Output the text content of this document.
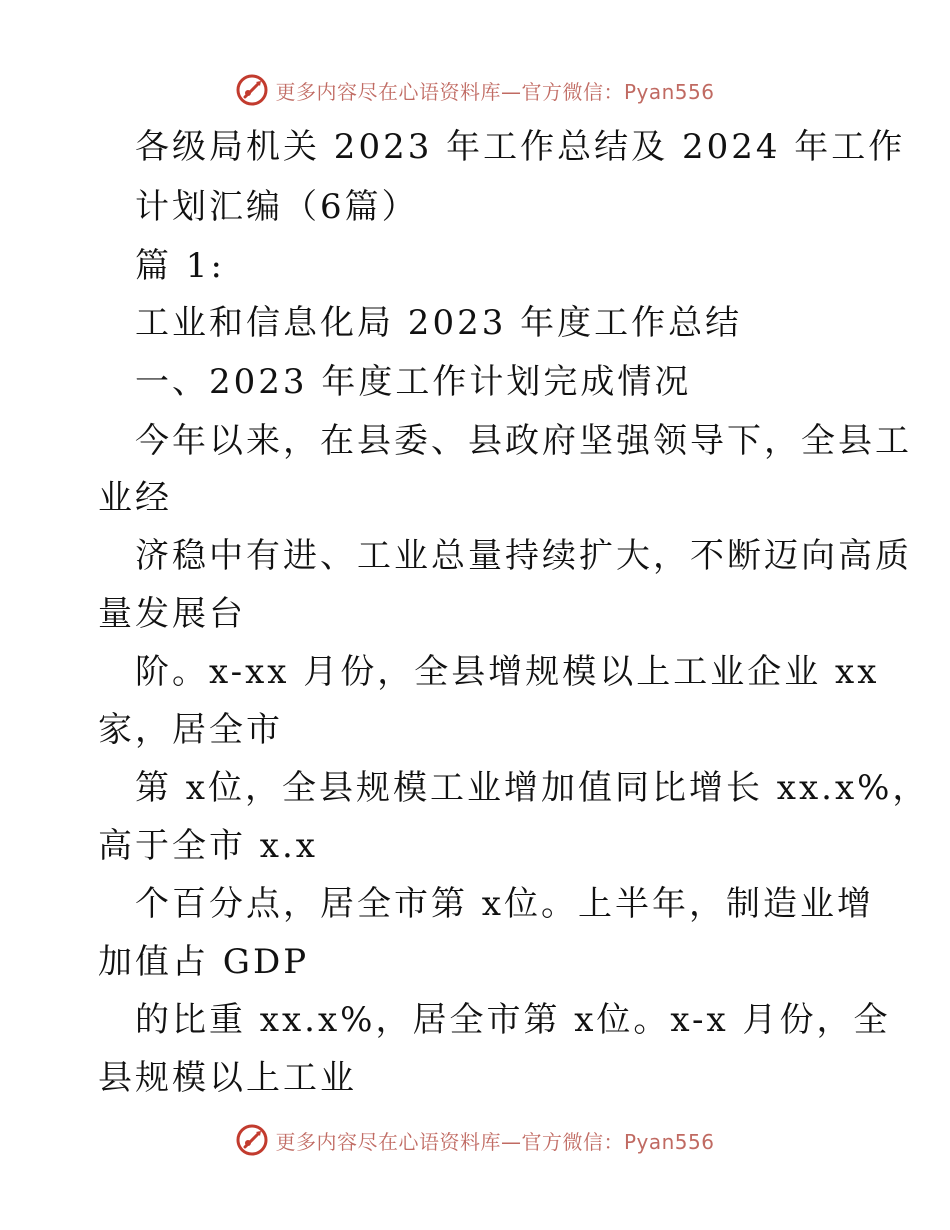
更多内容尽在心语资料库—官方微信：Pyan556
各级局机关 2023 年工作总结及 2024 年工作
计划汇编（6篇）
篇 1:
工业和信息化局 2023 年度工作总结
一、2023 年度工作计划完成情况
今年以来，在县委、县政府坚强领导下，全县工
业经
济稳中有进、工业总量持续扩大，不断迈向高质
量发展台
阶。x-xx 月份，全县增规模以上工业企业 xx
家，居全市
第 x位，全县规模工业增加值同比增长 xx.x%，
高于全市 x.x
个百分点，居全市第 x位。上半年，制造业增
加值占 GDP
的比重 xx.x%，居全市第 x位。x-x 月份，全
县规模以上工业
更多内容尽在心语资料库—官方微信：Pyan556
